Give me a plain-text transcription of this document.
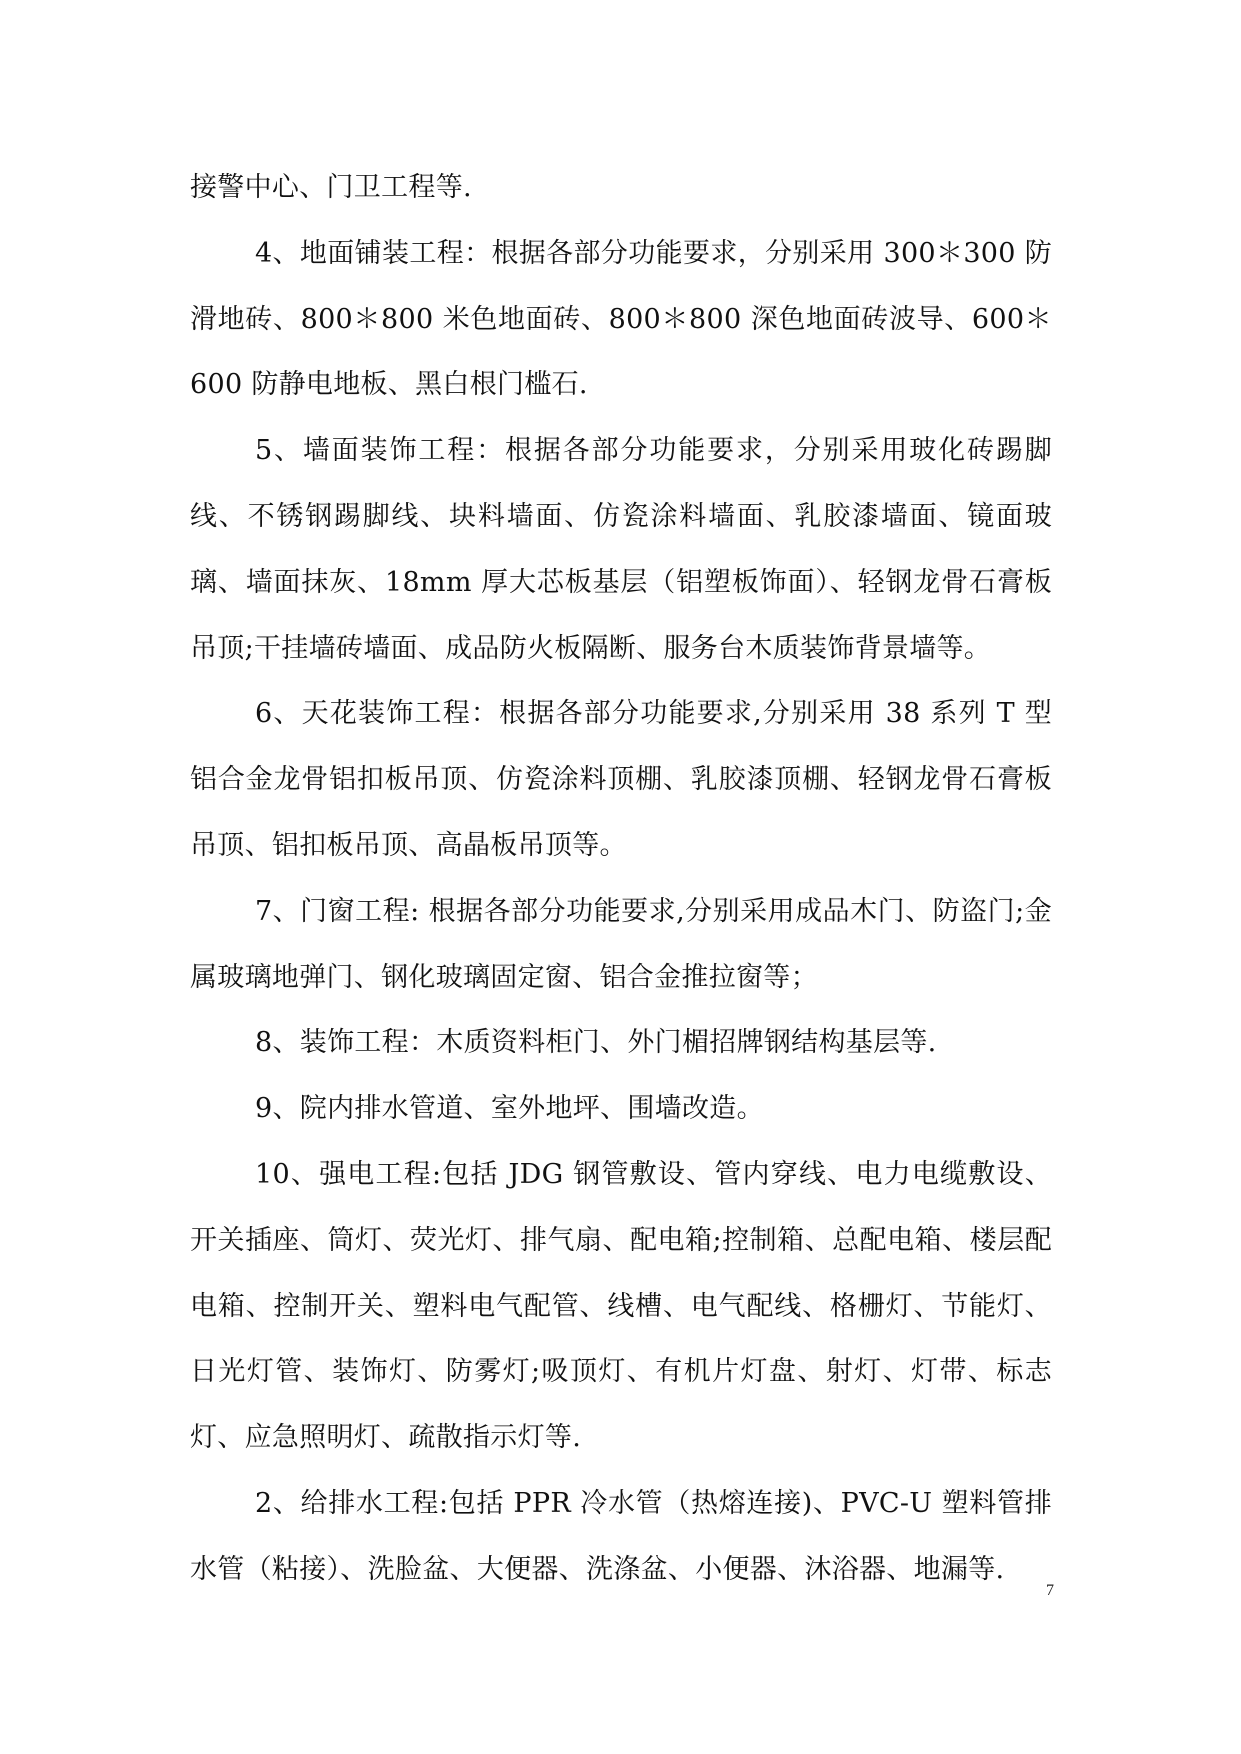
接警中心、门卫工程等.

4、地面铺装工程：根据各部分功能要求，分别采用 300＊300 防滑地砖、800＊800 米色地面砖、800＊800 深色地面砖波导、600＊600 防静电地板、黑白根门槛石.

5、墙面装饰工程：根据各部分功能要求，分别采用玻化砖踢脚线、不锈钢踢脚线、块料墙面、仿瓷涂料墙面、乳胶漆墙面、镜面玻璃、墙面抹灰、18mm 厚大芯板基层（铝塑板饰面）、轻钢龙骨石膏板吊顶;干挂墙砖墙面、成品防火板隔断、服务台木质装饰背景墙等。

6、天花装饰工程：根据各部分功能要求,分别采用 38 系列 T 型铝合金龙骨铝扣板吊顶、仿瓷涂料顶棚、乳胶漆顶棚、轻钢龙骨石膏板吊顶、铝扣板吊顶、高晶板吊顶等。

7、门窗工程: 根据各部分功能要求,分别采用成品木门、防盗门;金属玻璃地弹门、钢化玻璃固定窗、铝合金推拉窗等；

8、装饰工程：木质资料柜门、外门楣招牌钢结构基层等.

9、院内排水管道、室外地坪、围墙改造。

10、强电工程:包括 JDG 钢管敷设、管内穿线、电力电缆敷设、开关插座、筒灯、荧光灯、排气扇、配电箱;控制箱、总配电箱、楼层配电箱、控制开关、塑料电气配管、线槽、电气配线、格栅灯、节能灯、日光灯管、装饰灯、防雾灯;吸顶灯、有机片灯盘、射灯、灯带、标志灯、应急照明灯、疏散指示灯等.

2、给排水工程:包括 PPR 冷水管（热熔连接)、PVC-U 塑料管排水管（粘接）、洗脸盆、大便器、洗涤盆、小便器、沐浴器、地漏等.

7
